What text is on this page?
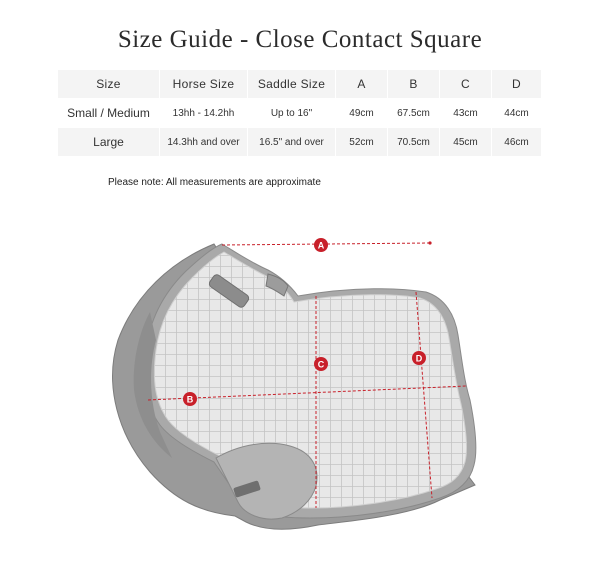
Size Guide - Close Contact Square
Size	Horse Size	Saddle Size	A	B	C	D
Small / Medium	13hh - 14.2hh	Up to 16"	49cm	67.5cm	43cm	44cm
Large	14.3hh and over	16.5" and over	52cm	70.5cm	45cm	46cm
Please note: All measurements are approximate
A
B
C
D
